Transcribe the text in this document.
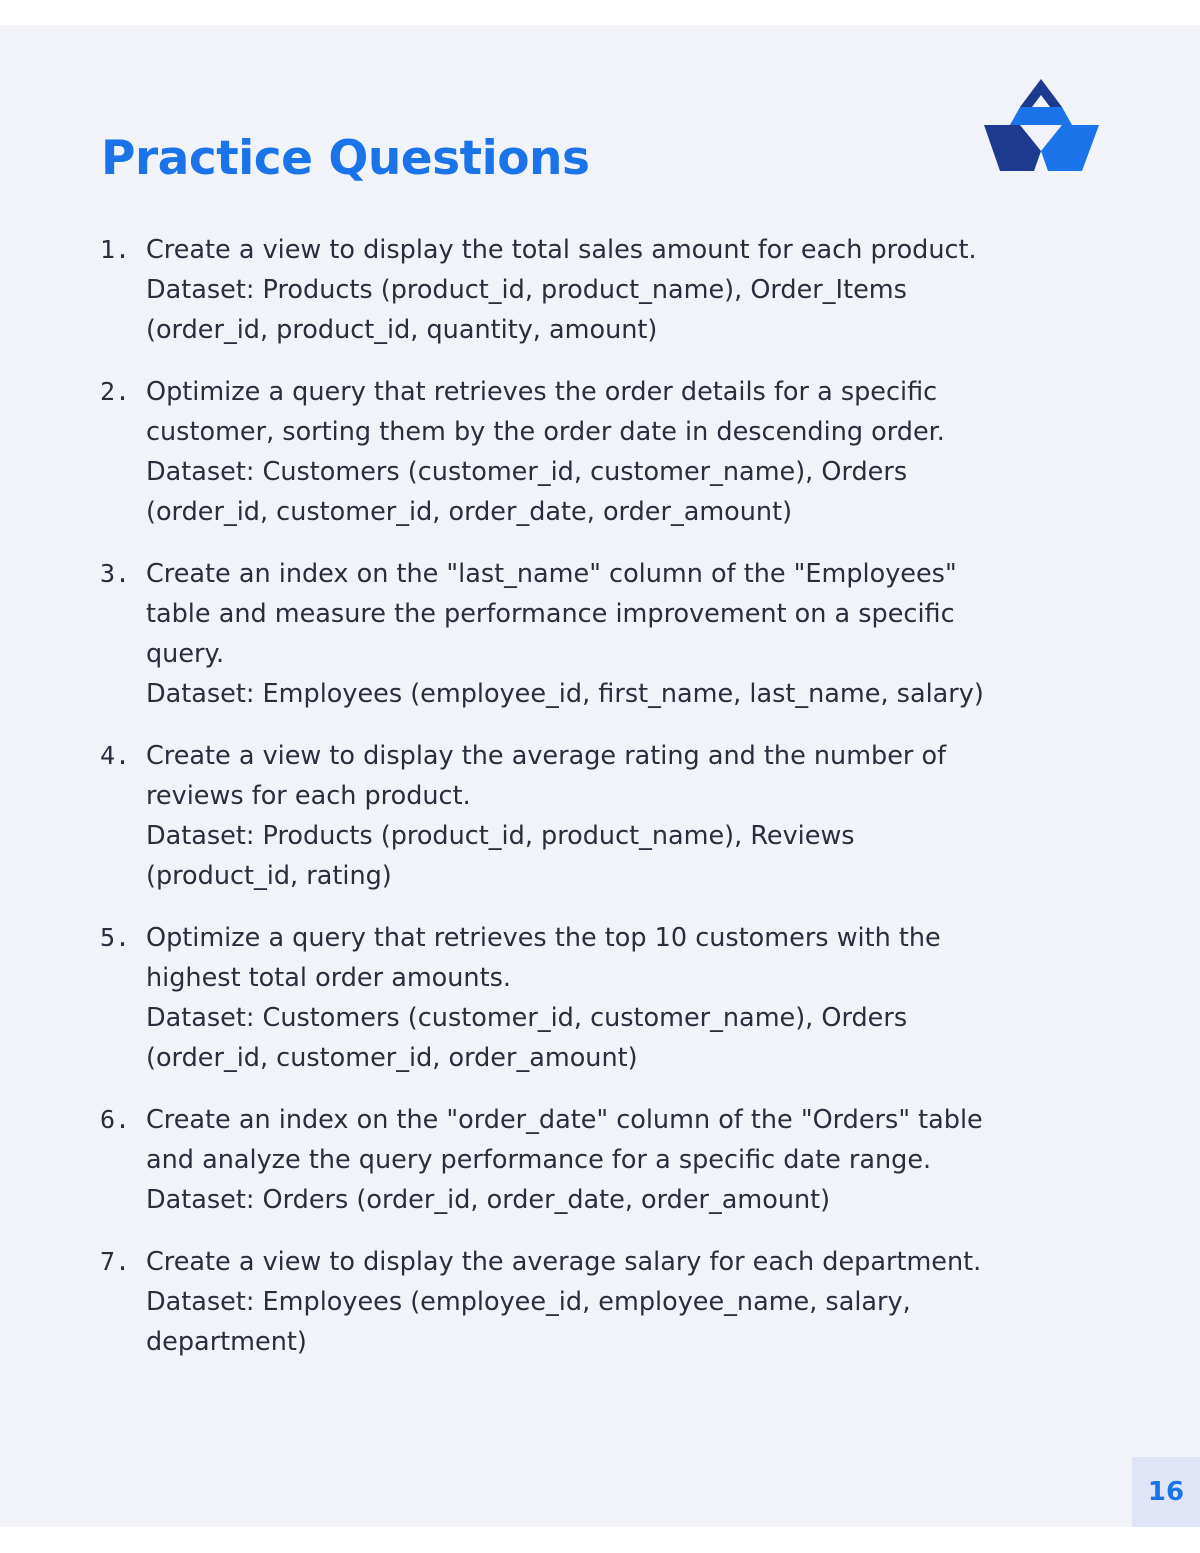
Practice Questions
1. Create a view to display the total sales amount for each product.
Dataset: Products (product_id, product_name), Order_Items
(order_id, product_id, quantity, amount)
2. Optimize a query that retrieves the order details for a specific
customer, sorting them by the order date in descending order.
Dataset: Customers (customer_id, customer_name), Orders
(order_id, customer_id, order_date, order_amount)
3. Create an index on the "last_name" column of the "Employees"
table and measure the performance improvement on a specific
query.
Dataset: Employees (employee_id, first_name, last_name, salary)
4. Create a view to display the average rating and the number of
reviews for each product.
Dataset: Products (product_id, product_name), Reviews
(product_id, rating)
5. Optimize a query that retrieves the top 10 customers with the
highest total order amounts.
Dataset: Customers (customer_id, customer_name), Orders
(order_id, customer_id, order_amount)
6. Create an index on the "order_date" column of the "Orders" table
and analyze the query performance for a specific date range.
Dataset: Orders (order_id, order_date, order_amount)
7. Create a view to display the average salary for each department.
Dataset: Employees (employee_id, employee_name, salary,
department)
16
